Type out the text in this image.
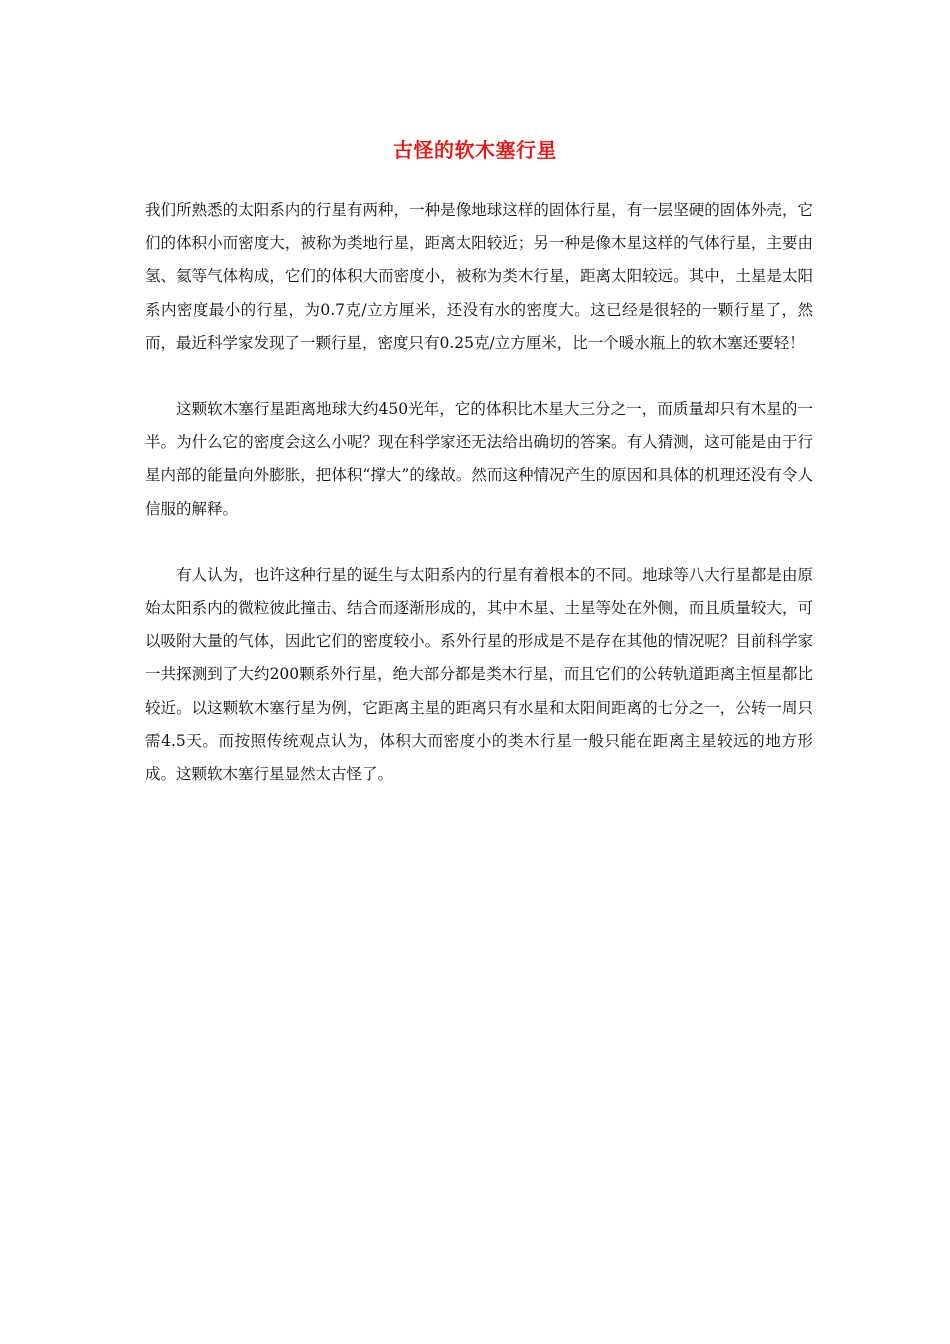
古怪的软木塞行星

我们所熟悉的太阳系内的行星有两种，一种是像地球这样的固体行星，有一层坚硬的固体外壳，它们的体积小而密度大，被称为类地行星，距离太阳较近；另一种是像木星这样的气体行星，主要由氢、氦等气体构成，它们的体积大而密度小，被称为类木行星，距离太阳较远。其中，土星是太阳系内密度最小的行星，为0.7克/立方厘米，还没有水的密度大。这已经是很轻的一颗行星了，然而，最近科学家发现了一颗行星，密度只有0.25克/立方厘米，比一个暖水瓶上的软木塞还要轻！

这颗软木塞行星距离地球大约450光年，它的体积比木星大三分之一，而质量却只有木星的一半。为什么它的密度会这么小呢？现在科学家还无法给出确切的答案。有人猜测，这可能是由于行星内部的能量向外膨胀，把体积“撑大”的缘故。然而这种情况产生的原因和具体的机理还没有令人信服的解释。

有人认为，也许这种行星的诞生与太阳系内的行星有着根本的不同。地球等八大行星都是由原始太阳系内的微粒彼此撞击、结合而逐渐形成的，其中木星、土星等处在外侧，而且质量较大，可以吸附大量的气体，因此它们的密度较小。系外行星的形成是不是存在其他的情况呢？目前科学家一共探测到了大约200颗系外行星，绝大部分都是类木行星，而且它们的公转轨道距离主恒星都比较近。以这颗软木塞行星为例，它距离主星的距离只有水星和太阳间距离的七分之一，公转一周只需4.5天。而按照传统观点认为，体积大而密度小的类木行星一般只能在距离主星较远的地方形成。这颗软木塞行星显然太古怪了。
